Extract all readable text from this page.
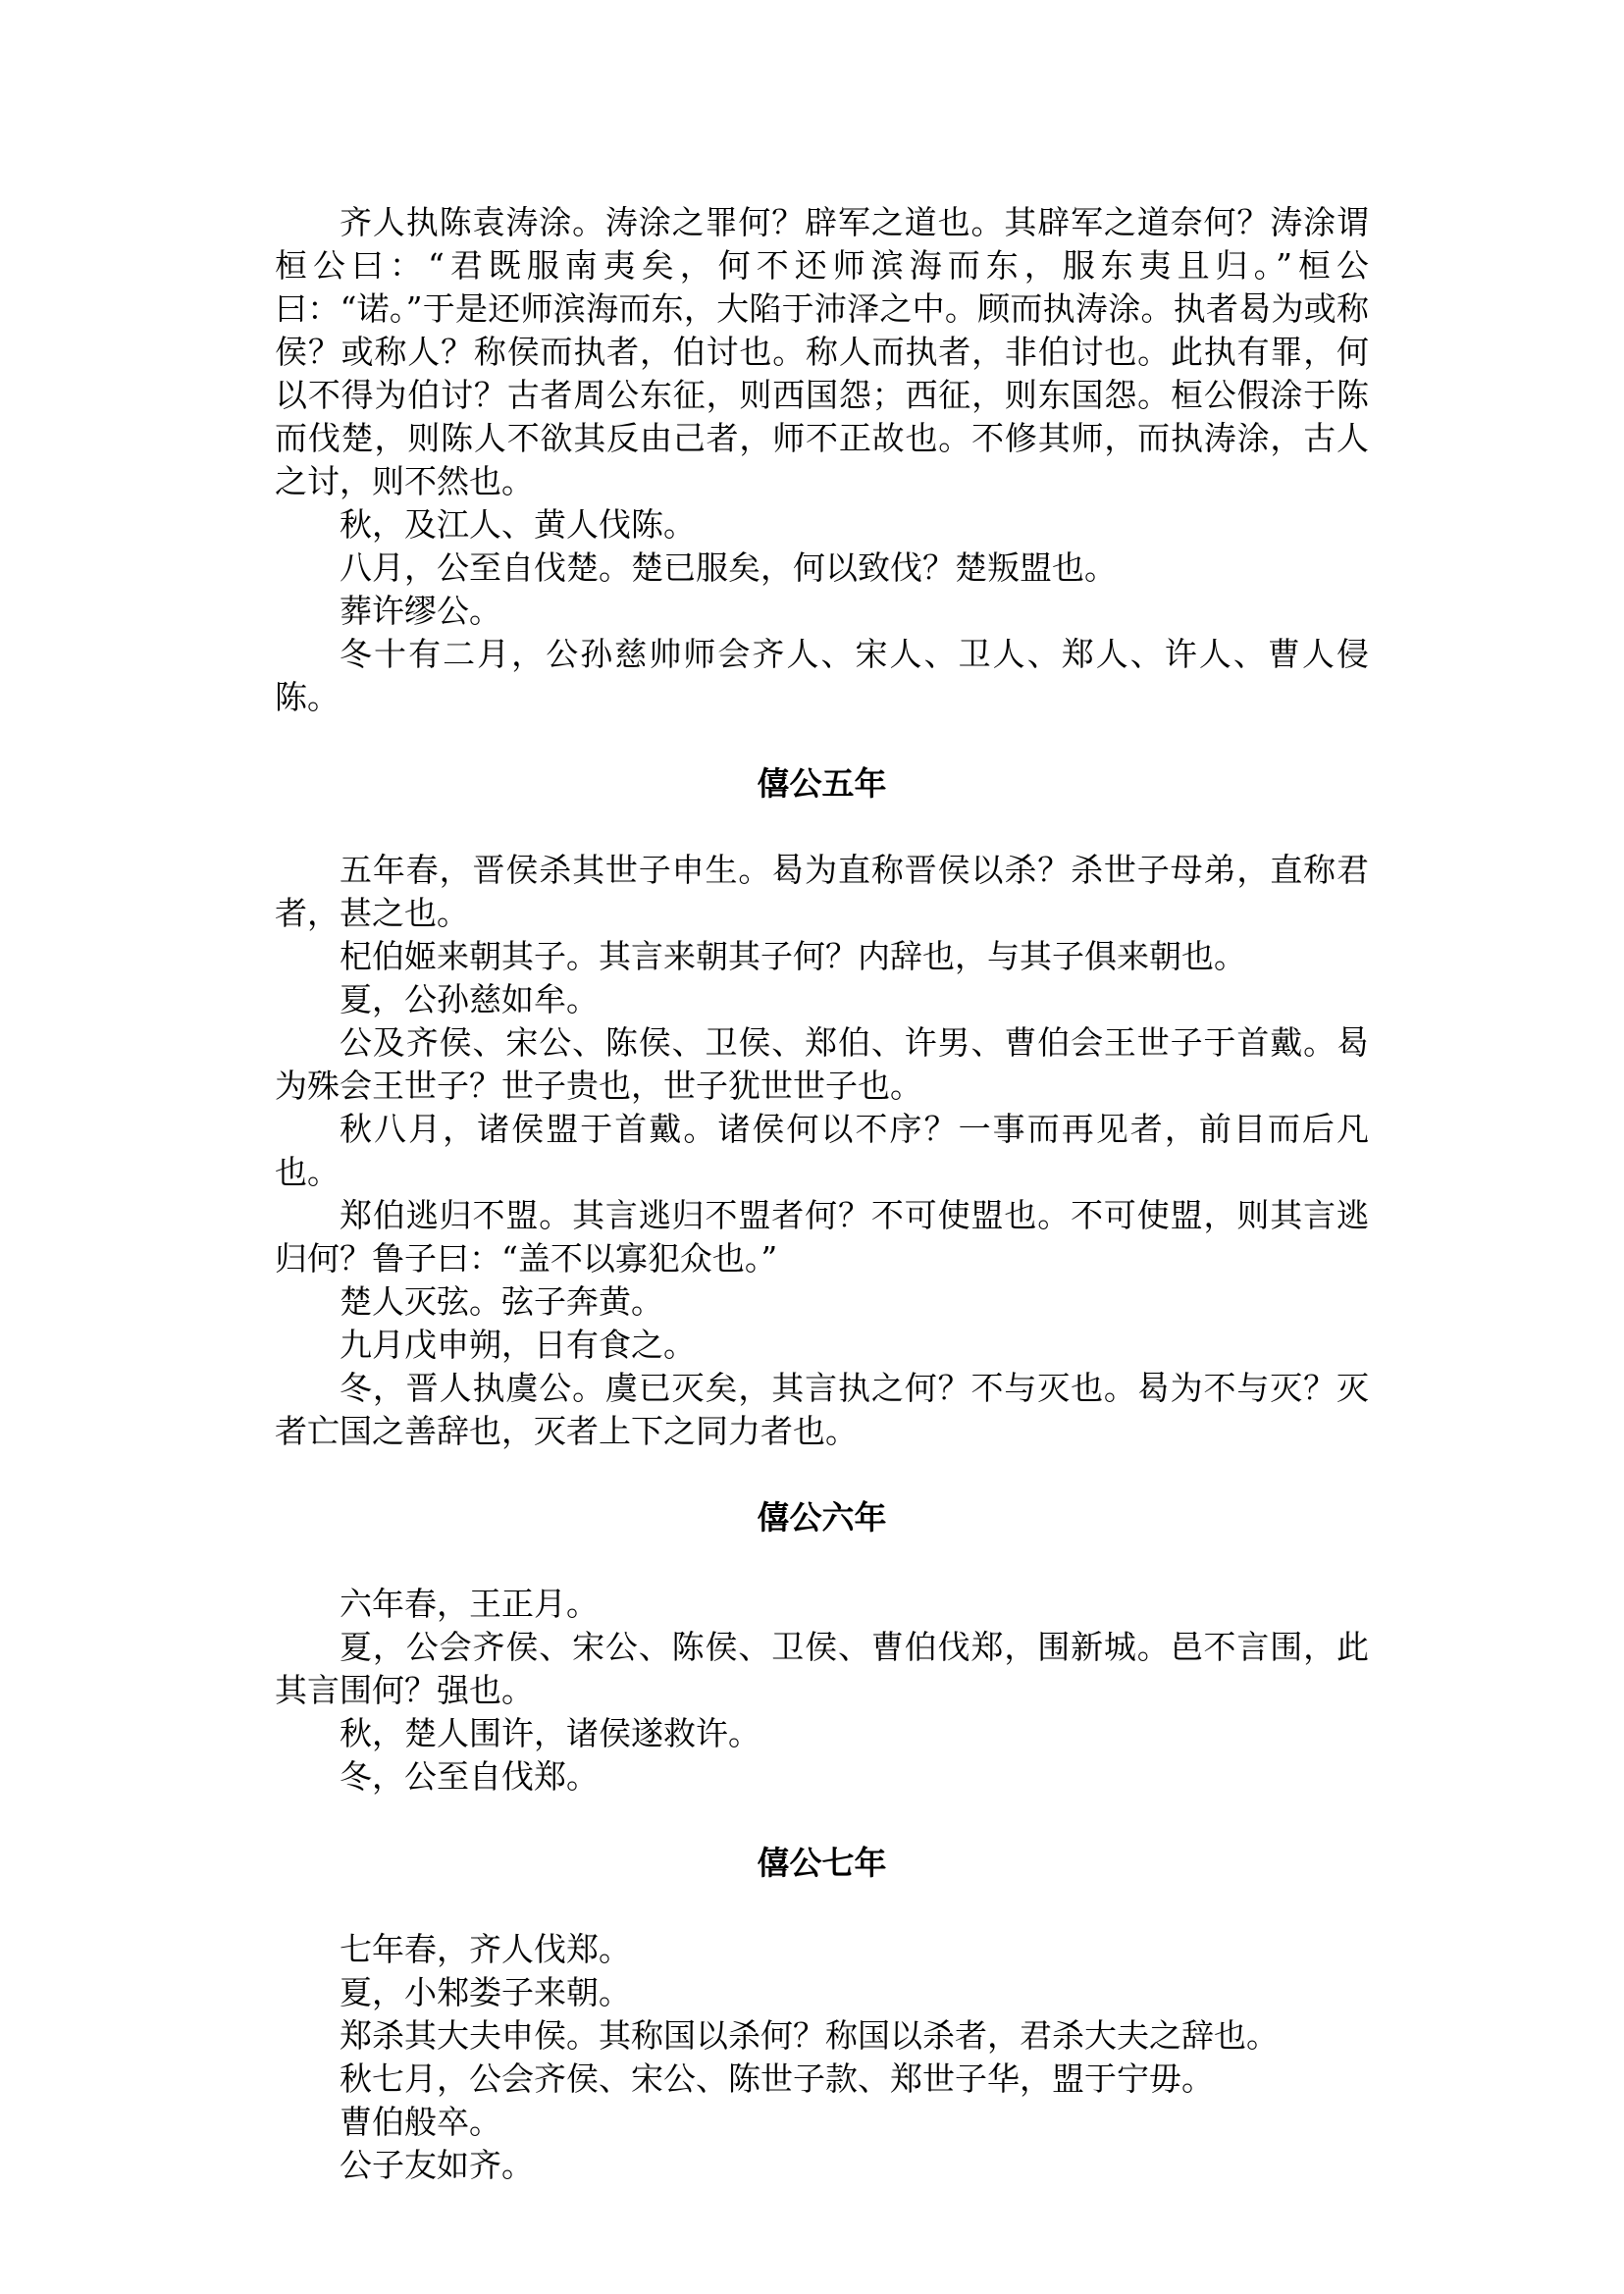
齐人执陈袁涛涂。涛涂之罪何？辟军之道也。其辟军之道奈何？涛涂谓桓公曰：“君既服南夷矣，何不还师滨海而东，服东夷且归。”桓公曰：“诺。”于是还师滨海而东，大陷于沛泽之中。顾而执涛涂。执者曷为或称侯？或称人？称侯而执者，伯讨也。称人而执者，非伯讨也。此执有罪，何以不得为伯讨？古者周公东征，则西国怨；西征，则东国怨。桓公假涂于陈而伐楚，则陈人不欲其反由己者，师不正故也。不修其师，而执涛涂，古人之讨，则不然也。

秋，及江人、黄人伐陈。

八月，公至自伐楚。楚已服矣，何以致伐？楚叛盟也。

葬许缪公。

冬十有二月，公孙慈帅师会齐人、宋人、卫人、郑人、许人、曹人侵陈。

僖公五年

五年春，晋侯杀其世子申生。曷为直称晋侯以杀？杀世子母弟，直称君者，甚之也。

杞伯姬来朝其子。其言来朝其子何？内辞也，与其子俱来朝也。

夏，公孙慈如牟。

公及齐侯、宋公、陈侯、卫侯、郑伯、许男、曹伯会王世子于首戴。曷为殊会王世子？世子贵也，世子犹世世子也。

秋八月，诸侯盟于首戴。诸侯何以不序？一事而再见者，前目而后凡也。

郑伯逃归不盟。其言逃归不盟者何？不可使盟也。不可使盟，则其言逃归何？鲁子曰：“盖不以寡犯众也。”

楚人灭弦。弦子奔黄。

九月戊申朔，日有食之。

冬，晋人执虞公。虞已灭矣，其言执之何？不与灭也。曷为不与灭？灭者亡国之善辞也，灭者上下之同力者也。

僖公六年

六年春，王正月。

夏，公会齐侯、宋公、陈侯、卫侯、曹伯伐郑，围新城。邑不言围，此其言围何？强也。

秋，楚人围许，诸侯遂救许。

冬，公至自伐郑。

僖公七年

七年春，齐人伐郑。

夏，小邾娄子来朝。

郑杀其大夫申侯。其称国以杀何？称国以杀者，君杀大夫之辞也。

秋七月，公会齐侯、宋公、陈世子款、郑世子华，盟于宁毋。

曹伯般卒。

公子友如齐。
